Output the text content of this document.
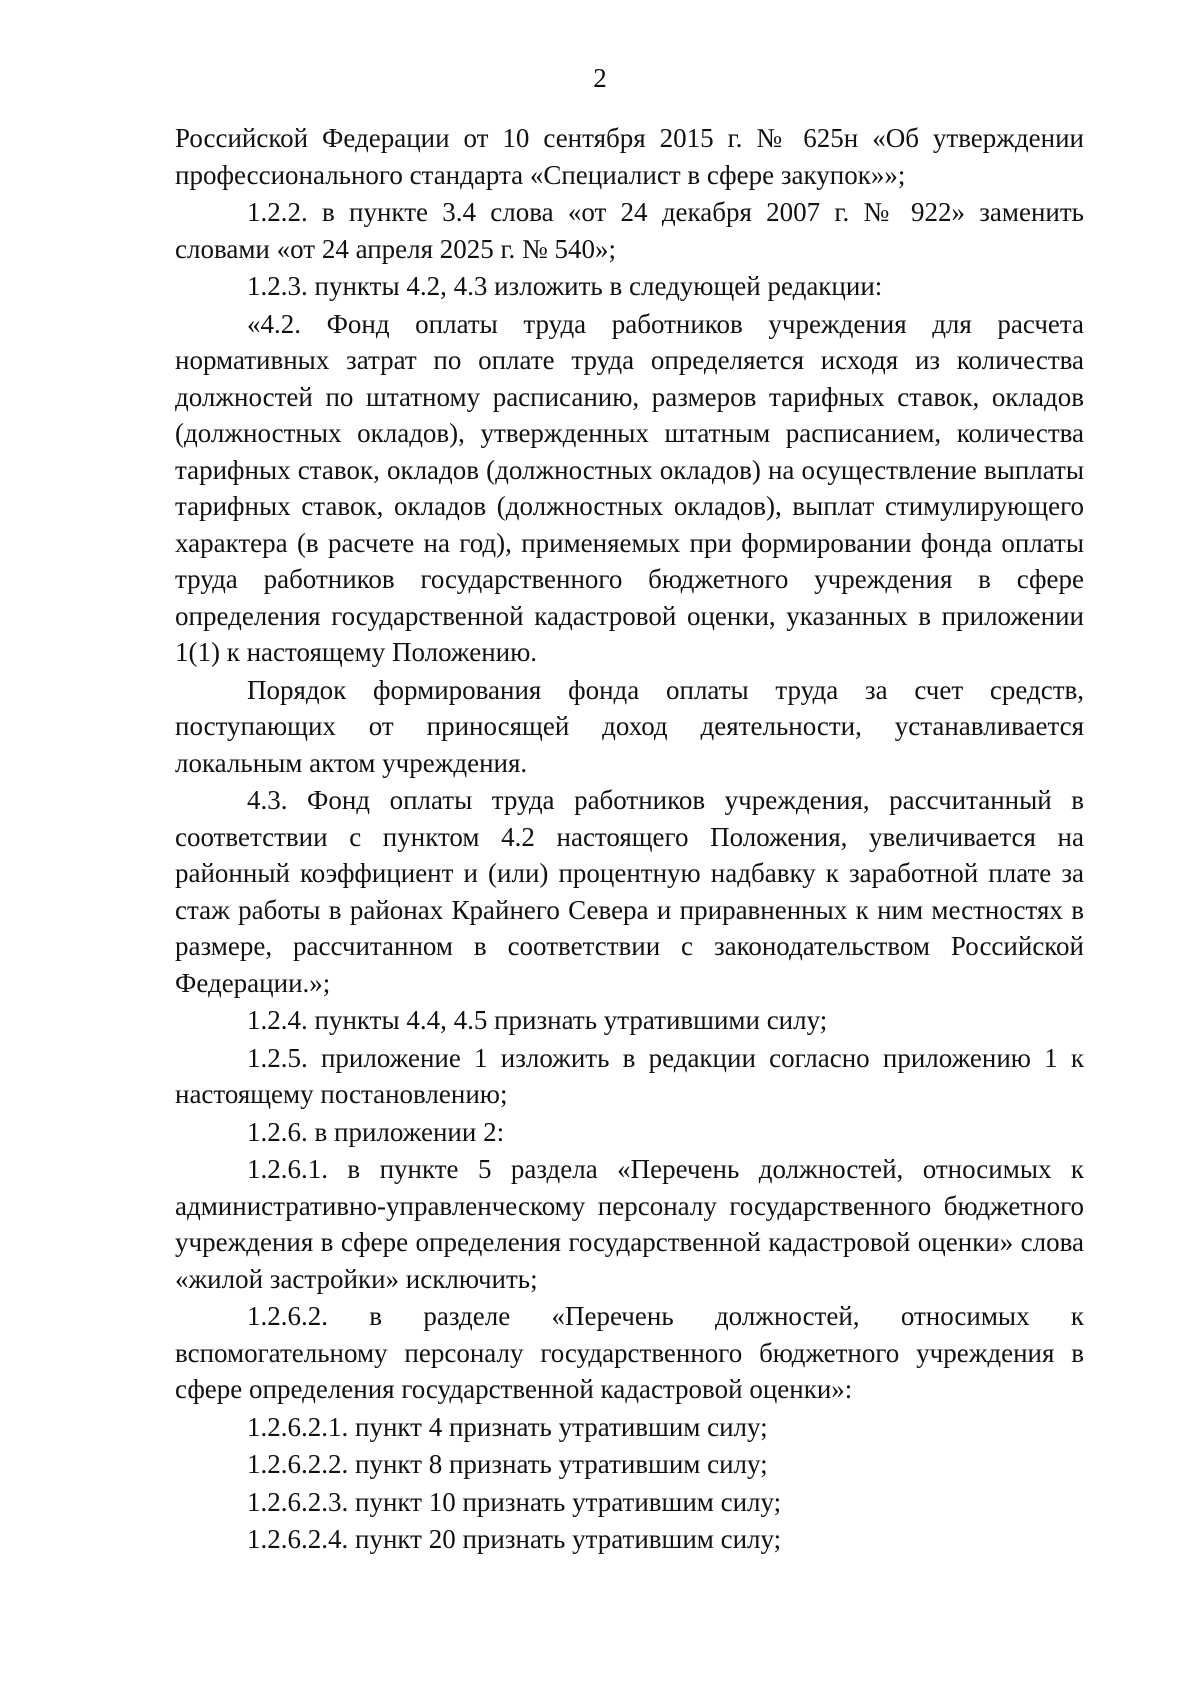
2

Российской Федерации от 10 сентября 2015 г. № 625н «Об утверждении профессионального стандарта «Специалист в сфере закупок»»;

1.2.2. в пункте 3.4 слова «от 24 декабря 2007 г. № 922» заменить словами «от 24 апреля 2025 г. № 540»;

1.2.3. пункты 4.2, 4.3 изложить в следующей редакции:

«4.2. Фонд оплаты труда работников учреждения для расчета нормативных затрат по оплате труда определяется исходя из количества должностей по штатному расписанию, размеров тарифных ставок, окладов (должностных окладов), утвержденных штатным расписанием, количества тарифных ставок, окладов (должностных окладов) на осуществление выплаты тарифных ставок, окладов (должностных окладов), выплат стимулирующего характера (в расчете на год), применяемых при формировании фонда оплаты труда работников государственного бюджетного учреждения в сфере определения государственной кадастровой оценки, указанных в приложении 1(1) к настоящему Положению.

Порядок формирования фонда оплаты труда за счет средств, поступающих от приносящей доход деятельности, устанавливается локальным актом учреждения.

4.3. Фонд оплаты труда работников учреждения, рассчитанный в соответствии с пунктом 4.2 настоящего Положения, увеличивается на районный коэффициент и (или) процентную надбавку к заработной плате за стаж работы в районах Крайнего Севера и приравненных к ним местностях в размере, рассчитанном в соответствии с законодательством Российской Федерации.»;

1.2.4. пункты 4.4, 4.5 признать утратившими силу;

1.2.5. приложение 1 изложить в редакции согласно приложению 1 к настоящему постановлению;

1.2.6. в приложении 2:

1.2.6.1. в пункте 5 раздела «Перечень должностей, относимых к административно-управленческому персоналу государственного бюджетного учреждения в сфере определения государственной кадастровой оценки» слова «жилой застройки» исключить;

1.2.6.2. в разделе «Перечень должностей, относимых к вспомогательному персоналу государственного бюджетного учреждения в сфере определения государственной кадастровой оценки»:

1.2.6.2.1. пункт 4 признать утратившим силу;

1.2.6.2.2. пункт 8 признать утратившим силу;

1.2.6.2.3. пункт 10 признать утратившим силу;

1.2.6.2.4. пункт 20 признать утратившим силу;
